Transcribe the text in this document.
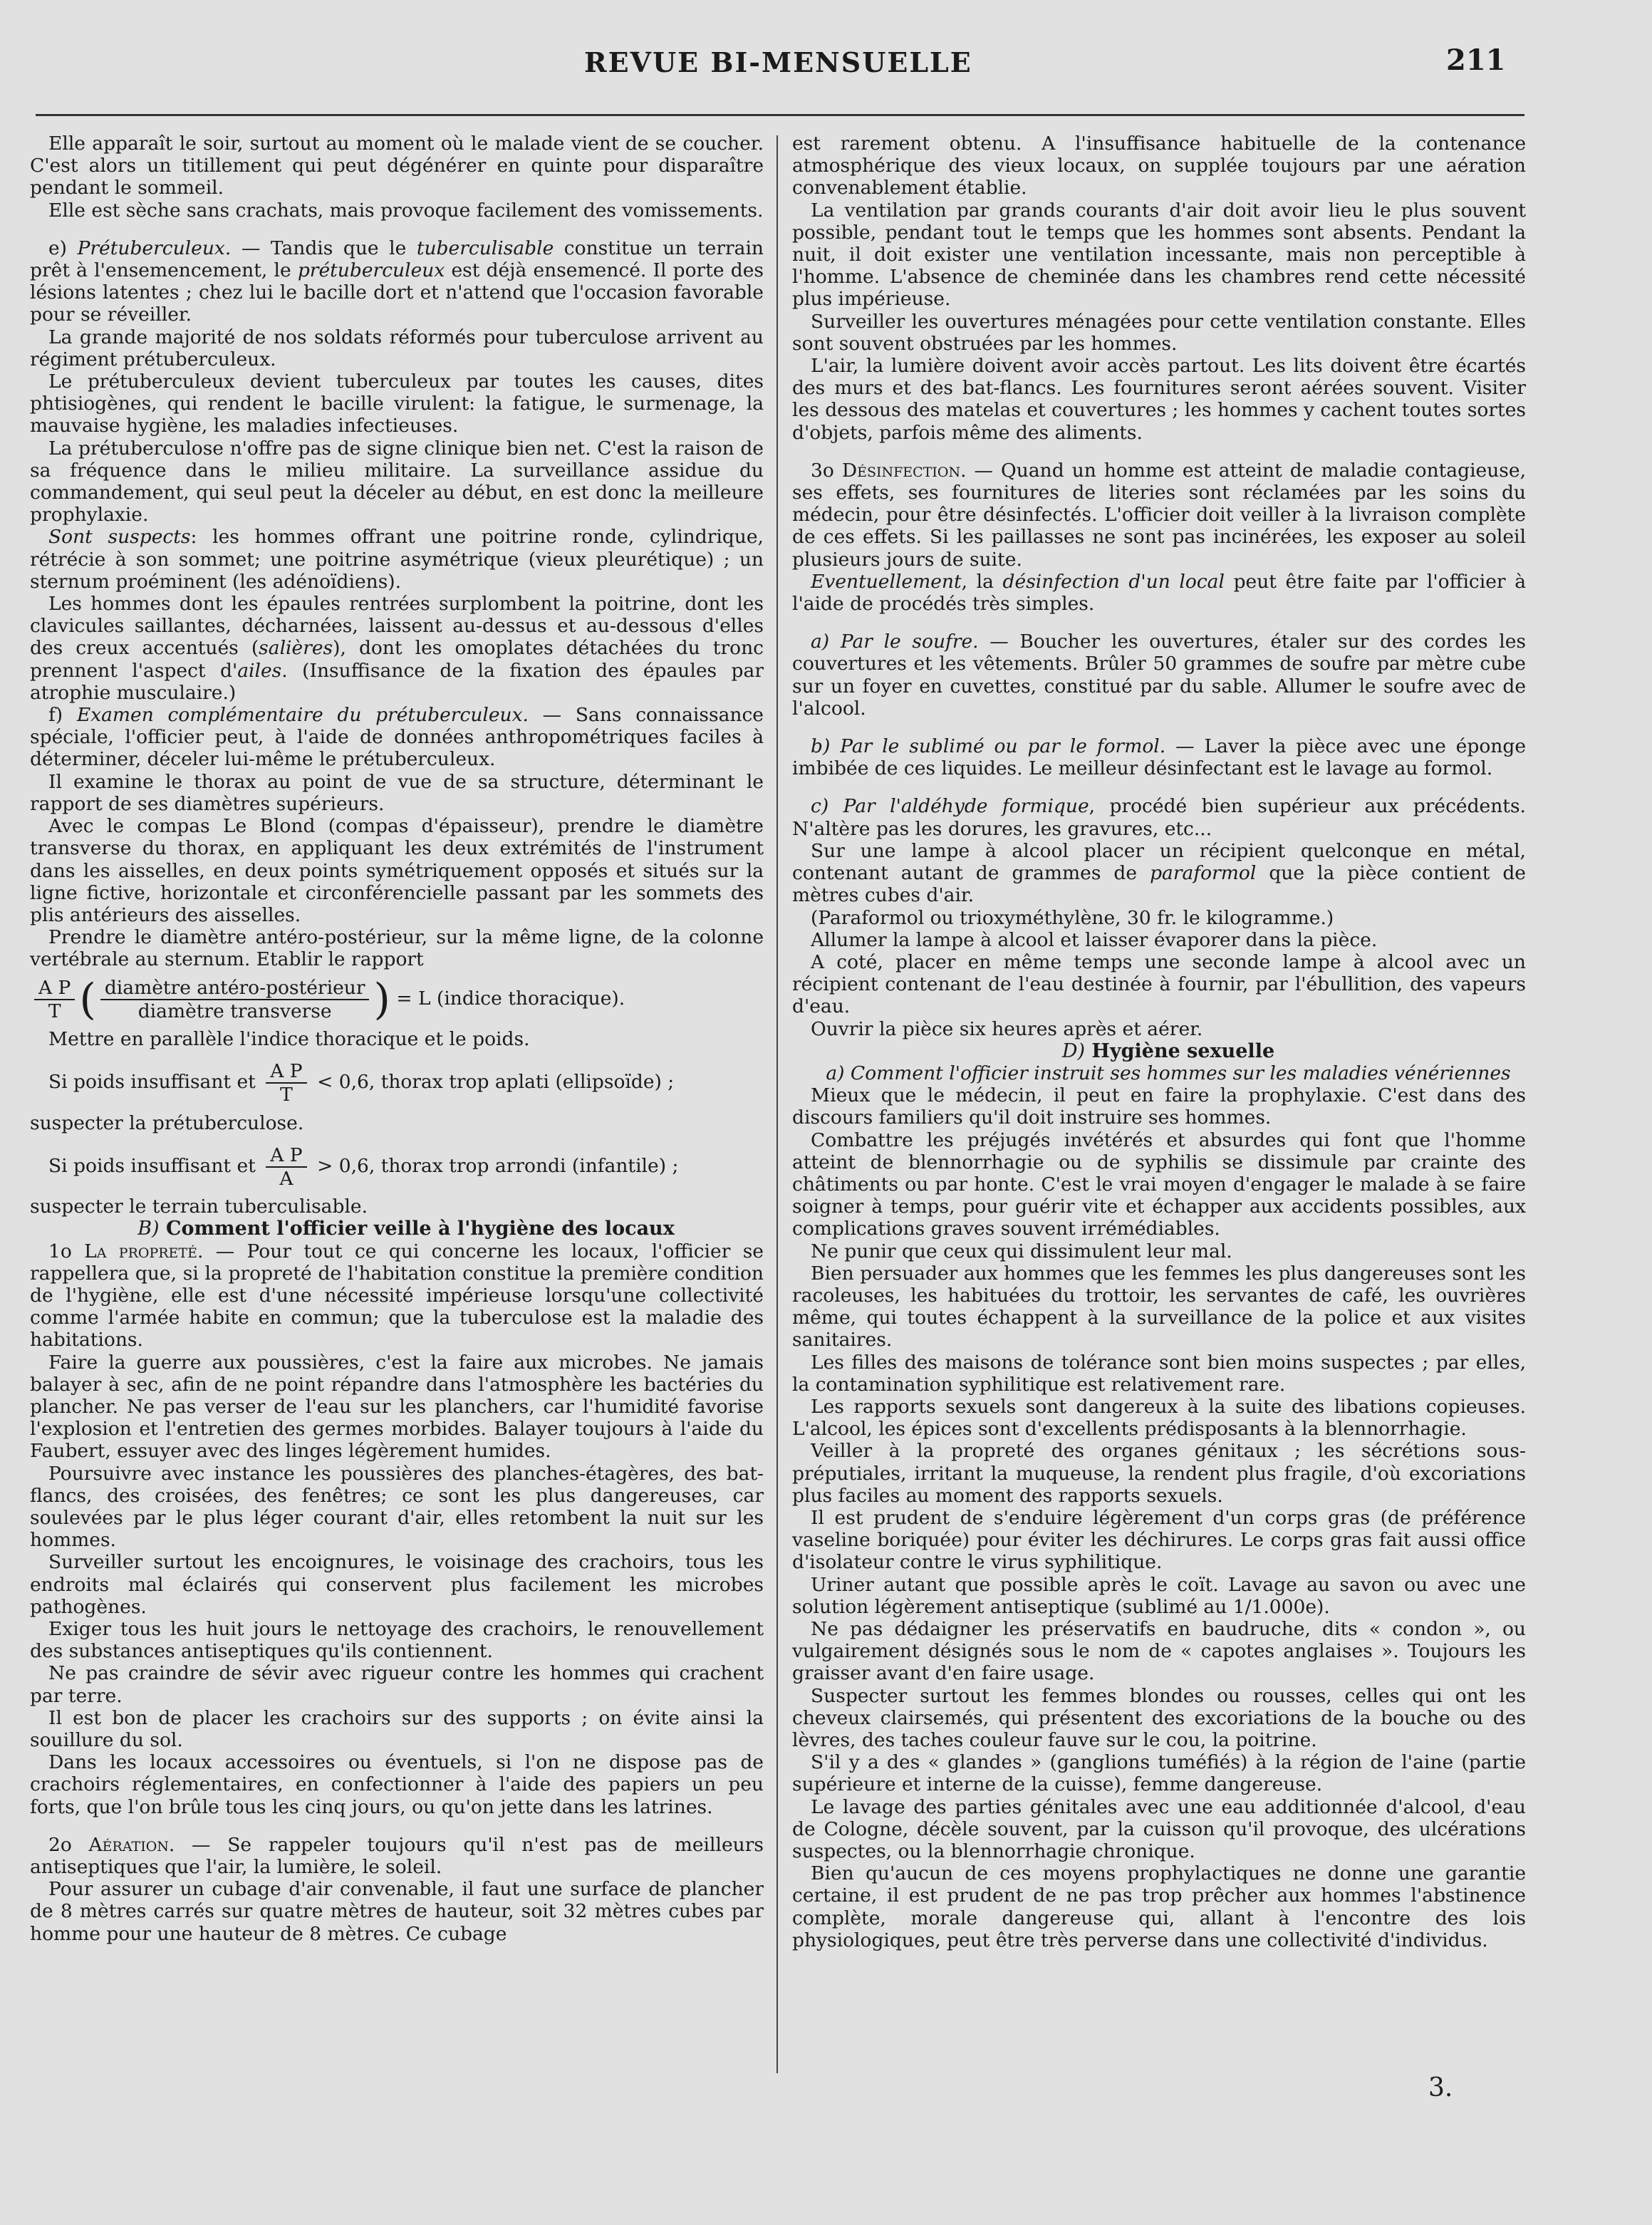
REVUE BI-MENSUELLE	211

Elle apparaît le soir, surtout au moment où le malade vient de se coucher. C'est alors un titillement qui peut dégénérer en quinte pour disparaître pendant le sommeil.

Elle est sèche sans crachats, mais provoque facilement des vomissements.

e) Prétuberculeux. — Tandis que le tuberculisable constitue un terrain prêt à l'ensemencement, le prétuberculeux est déjà ensemencé. Il porte des lésions latentes ; chez lui le bacille dort et n'attend que l'occasion favorable pour se réveiller.

La grande majorité de nos soldats réformés pour tuberculose arrivent au régiment prétuberculeux.

Le prétuberculeux devient tuberculeux par toutes les causes, dites phtisiogènes, qui rendent le bacille virulent: la fatigue, le surmenage, la mauvaise hygiène, les maladies infectieuses.

La prétuberculose n'offre pas de signe clinique bien net. C'est la raison de sa fréquence dans le milieu militaire. La surveillance assidue du commandement, qui seul peut la déceler au début, en est donc la meilleure prophylaxie.

Sont suspects: les hommes offrant une poitrine ronde, cylindrique, rétrécie à son sommet; une poitrine asymétrique (vieux pleurétique) ; un sternum proéminent (les adénoïdiens).

Les hommes dont les épaules rentrées surplombent la poitrine, dont les clavicules saillantes, décharnées, laissent au-dessus et au-dessous d'elles des creux accentués (salières), dont les omoplates détachées du tronc prennent l'aspect d'ailes. (Insuffisance de la fixation des épaules par atrophie musculaire.)

f) Examen complémentaire du prétuberculeux. — Sans connaissance spéciale, l'officier peut, à l'aide de données anthropométriques faciles à déterminer, déceler lui-même le prétuberculeux.

Il examine le thorax au point de vue de sa structure, déterminant le rapport de ses diamètres supérieurs.

Avec le compas Le Blond (compas d'épaisseur), prendre le diamètre transverse du thorax, en appliquant les deux extrémités de l'instrument dans les aisselles, en deux points symétriquement opposés et situés sur la ligne fictive, horizontale et circonférencielle passant par les sommets des plis antérieurs des aisselles.

Prendre le diamètre antéro-postérieur, sur la même ligne, de la colonne vertébrale au sternum. Etablir le rapport

$\frac{\text{A P}}{T}$ ( $\frac{\text{diamètre antéro-postérieur}}{\text{diamètre transverse}}$ ) = L (indice thoracique).

Mettre en parallèle l'indice thoracique et le poids.

Si poids insuffisant et $\frac{\text{A P}}{T} < 0,6$, thorax trop aplati (ellipsoïde) ;

suspecter la prétuberculose.

Si poids insuffisant et $\frac{\text{A P}}{A} > 0,6$, thorax trop arrondi (infantile) ;

suspecter le terrain tuberculisable.

B) Comment l'officier veille à l'hygiène des locaux

1o La propreté. — Pour tout ce qui concerne les locaux, l'officier se rappellera que, si la propreté de l'habitation constitue la première condition de l'hygiène, elle est d'une nécessité impérieuse lorsqu'une collectivité comme l'armée habite en commun; que la tuberculose est la maladie des habitations.

Faire la guerre aux poussières, c'est la faire aux microbes. Ne jamais balayer à sec, afin de ne point répandre dans l'atmosphère les bactéries du plancher. Ne pas verser de l'eau sur les planchers, car l'humidité favorise l'explosion et l'entretien des germes morbides. Balayer toujours à l'aide du Faubert, essuyer avec des linges légèrement humides.

Poursuivre avec instance les poussières des planches-étagères, des bat-flancs, des croisées, des fenêtres; ce sont les plus dangereuses, car soulevées par le plus léger courant d'air, elles retombent la nuit sur les hommes.

Surveiller surtout les encoignures, le voisinage des crachoirs, tous les endroits mal éclairés qui conservent plus facilement les microbes pathogènes.

Exiger tous les huit jours le nettoyage des crachoirs, le renouvellement des substances antiseptiques qu'ils contiennent.

Ne pas craindre de sévir avec rigueur contre les hommes qui crachent par terre.

Il est bon de placer les crachoirs sur des supports ; on évite ainsi la souillure du sol.

Dans les locaux accessoires ou éventuels, si l'on ne dispose pas de crachoirs réglementaires, en confectionner à l'aide des papiers un peu forts, que l'on brûle tous les cinq jours, ou qu'on jette dans les latrines.

2o Aération. — Se rappeler toujours qu'il n'est pas de meilleurs antiseptiques que l'air, la lumière, le soleil.

Pour assurer un cubage d'air convenable, il faut une surface de plancher de 8 mètres carrés sur quatre mètres de hauteur, soit 32 mètres cubes par homme pour une hauteur de 8 mètres. Ce cubage

est rarement obtenu. A l'insuffisance habituelle de la contenance atmosphérique des vieux locaux, on supplée toujours par une aération convenablement établie.

La ventilation par grands courants d'air doit avoir lieu le plus souvent possible, pendant tout le temps que les hommes sont absents. Pendant la nuit, il doit exister une ventilation incessante, mais non perceptible à l'homme. L'absence de cheminée dans les chambres rend cette nécessité plus impérieuse.

Surveiller les ouvertures ménagées pour cette ventilation constante. Elles sont souvent obstruées par les hommes.

L'air, la lumière doivent avoir accès partout. Les lits doivent être écartés des murs et des bat-flancs. Les fournitures seront aérées souvent. Visiter les dessous des matelas et couvertures ; les hommes y cachent toutes sortes d'objets, parfois même des aliments.

3o Désinfection. — Quand un homme est atteint de maladie contagieuse, ses effets, ses fournitures de literies sont réclamées par les soins du médecin, pour être désinfectés. L'officier doit veiller à la livraison complète de ces effets. Si les paillasses ne sont pas incinérées, les exposer au soleil plusieurs jours de suite.

Eventuellement, la désinfection d'un local peut être faite par l'officier à l'aide de procédés très simples.

a) Par le soufre. — Boucher les ouvertures, étaler sur des cordes les couvertures et les vêtements. Brûler 50 grammes de soufre par mètre cube sur un foyer en cuvettes, constitué par du sable. Allumer le soufre avec de l'alcool.

b) Par le sublimé ou par le formol. — Laver la pièce avec une éponge imbibée de ces liquides. Le meilleur désinfectant est le lavage au formol.

c) Par l'aldéhyde formique, procédé bien supérieur aux précédents. N'altère pas les dorures, les gravures, etc...

Sur une lampe à alcool placer un récipient quelconque en métal, contenant autant de grammes de paraformol que la pièce contient de mètres cubes d'air.

(Paraformol ou trioxyméthylène, 30 fr. le kilogramme.)

Allumer la lampe à alcool et laisser évaporer dans la pièce.

A coté, placer en même temps une seconde lampe à alcool avec un récipient contenant de l'eau destinée à fournir, par l'ébullition, des vapeurs d'eau.

Ouvrir la pièce six heures après et aérer.

D) Hygiène sexuelle

a) Comment l'officier instruit ses hommes sur les maladies vénériennes

Mieux que le médecin, il peut en faire la prophylaxie. C'est dans des discours familiers qu'il doit instruire ses hommes.

Combattre les préjugés invétérés et absurdes qui font que l'homme atteint de blennorrhagie ou de syphilis se dissimule par crainte des châtiments ou par honte. C'est le vrai moyen d'engager le malade à se faire soigner à temps, pour guérir vite et échapper aux accidents possibles, aux complications graves souvent irrémédiables.

Ne punir que ceux qui dissimulent leur mal.

Bien persuader aux hommes que les femmes les plus dangereuses sont les racoleuses, les habituées du trottoir, les servantes de café, les ouvrières même, qui toutes échappent à la surveillance de la police et aux visites sanitaires.

Les filles des maisons de tolérance sont bien moins suspectes ; par elles, la contamination syphilitique est relativement rare.

Les rapports sexuels sont dangereux à la suite des libations copieuses. L'alcool, les épices sont d'excellents prédisposants à la blennorrhagie.

Veiller à la propreté des organes génitaux ; les sécrétions sous-préputiales, irritant la muqueuse, la rendent plus fragile, d'où excoriations plus faciles au moment des rapports sexuels.

Il est prudent de s'enduire légèrement d'un corps gras (de préférence vaseline boriquée) pour éviter les déchirures. Le corps gras fait aussi office d'isolateur contre le virus syphilitique.

Uriner autant que possible après le coït. Lavage au savon ou avec une solution légèrement antiseptique (sublimé au 1/1.000e).

Ne pas dédaigner les préservatifs en baudruche, dits « condon », ou vulgairement désignés sous le nom de « capotes anglaises ». Toujours les graisser avant d'en faire usage.

Suspecter surtout les femmes blondes ou rousses, celles qui ont les cheveux clairsemés, qui présentent des excoriations de la bouche ou des lèvres, des taches couleur fauve sur le cou, la poitrine.

S'il y a des « glandes » (ganglions tuméfiés) à la région de l'aine (partie supérieure et interne de la cuisse), femme dangereuse.

Le lavage des parties génitales avec une eau additionnée d'alcool, d'eau de Cologne, décèle souvent, par la cuisson qu'il provoque, des ulcérations suspectes, ou la blennorrhagie chronique.

Bien qu'aucun de ces moyens prophylactiques ne donne une garantie certaine, il est prudent de ne pas trop prêcher aux hommes l'abstinence complète, morale dangereuse qui, allant à l'encontre des lois physiologiques, peut être très perverse dans une collectivité d'individus.

3.
